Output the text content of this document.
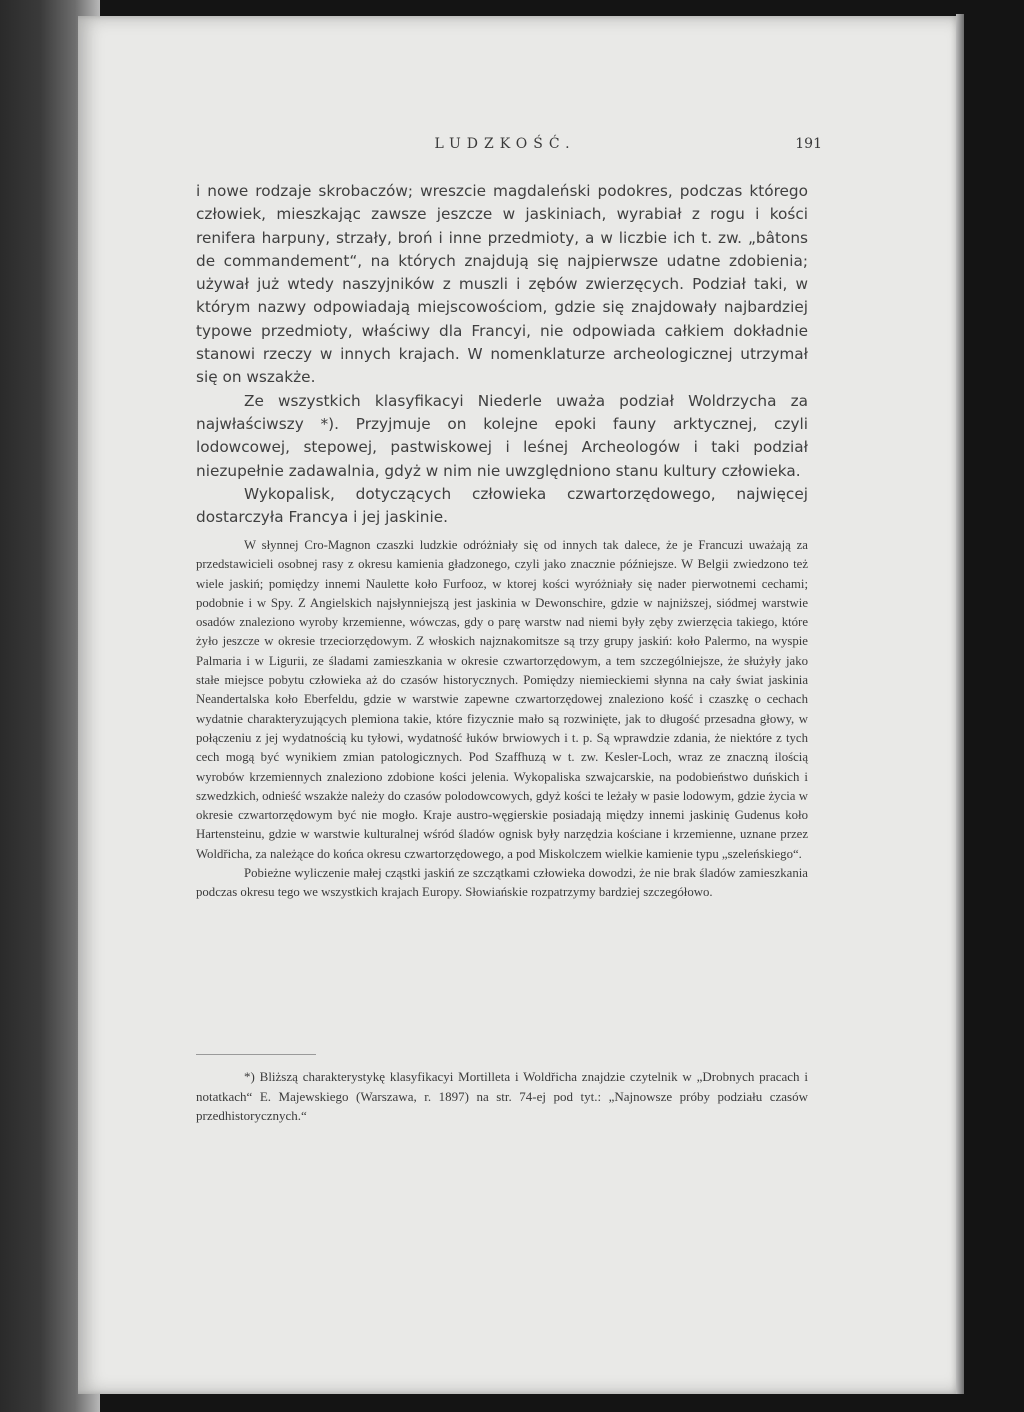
LUDZKOŚĆ.	191

i nowe rodzaje skrobaczów; wreszcie magdaleński podokres, podczas którego człowiek, mieszkając zawsze jeszcze w jaskiniach, wyrabiał z rogu i kości renifera harpuny, strzały, broń i inne przedmioty, a w liczbie ich t. zw. „bâtons de commandement“, na których znajdują się najpierwsze udatne zdobienia; używał już wtedy naszyjników z muszli i zębów zwierzęcych. Podział taki, w którym nazwy odpowiadają miejscowościom, gdzie się znajdowały najbardziej typowe przedmioty, właściwy dla Francyi, nie odpowiada całkiem dokładnie stanowi rzeczy w innych krajach. W nomenklaturze archeologicznej utrzymał się on wszakże.

Ze wszystkich klasyfikacyi Niederle uważa podział Woldrzycha za najwłaściwszy *). Przyjmuje on kolejne epoki fauny arktycznej, czyli lodowcowej, stepowej, pastwiskowej i leśnej Archeologów i taki podział niezupełnie zadawalnia, gdyż w nim nie uwzględniono stanu kultury człowieka.

Wykopalisk, dotyczących człowieka czwartorzędowego, najwięcej dostarczyła Francya i jej jaskinie.

W słynnej Cro-Magnon czaszki ludzkie odróżniały się od innych tak dalece, że je Francuzi uważają za przedstawicieli osobnej rasy z okresu kamienia gładzonego, czyli jako znacznie późniejsze. W Belgii zwiedzono też wiele jaskiń; pomiędzy innemi Naulette koło Furfooz, w ktorej kości wyróżniały się nader pierwotnemi cechami; podobnie i w Spy. Z Angielskich najsłynniejszą jest jaskinia w Dewonschire, gdzie w najniższej, siódmej warstwie osadów znaleziono wyroby krzemienne, wówczas, gdy o parę warstw nad niemi były zęby zwierzęcia takiego, które żyło jeszcze w okresie trzeciorzędowym. Z włoskich najznakomitsze są trzy grupy jaskiń: koło Palermo, na wyspie Palmaria i w Ligurii, ze śladami zamieszkania w okresie czwartorzędowym, a tem szczególniejsze, że służyły jako stałe miejsce pobytu człowieka aż do czasów historycznych. Pomiędzy niemieckiemi słynna na cały świat jaskinia Neandertalska koło Eberfeldu, gdzie w warstwie zapewne czwartorzędowej znaleziono kość i czaszkę o cechach wydatnie charakteryzujących plemiona takie, które fizycznie mało są rozwinięte, jak to długość przesadna głowy, w połączeniu z jej wydatnością ku tyłowi, wydatność łuków brwiowych i t. p. Są wprawdzie zdania, że niektóre z tych cech mogą być wynikiem zmian patologicznych. Pod Szaffhuzą w t. zw. Kesler-Loch, wraz ze znaczną ilością wyrobów krzemiennych znaleziono zdobione kości jelenia. Wykopaliska szwajcarskie, na podobieństwo duńskich i szwedzkich, odnieść wszakże należy do czasów polodowcowych, gdyż kości te leżały w pasie lodowym, gdzie życia w okresie czwartorzędowym być nie mogło. Kraje austro-węgierskie posiadają między innemi jaskinię Gudenus koło Hartensteinu, gdzie w warstwie kulturalnej wśród śladów ognisk były narzędzia kościane i krzemienne, uznane przez Woldřicha, za należące do końca okresu czwartorzędowego, a pod Miskolczem wielkie kamienie typu „szeleńskiego“.

Pobieżne wyliczenie małej cząstki jaskiń ze szczątkami człowieka dowodzi, że nie brak śladów zamieszkania podczas okresu tego we wszystkich krajach Europy. Słowiańskie rozpatrzymy bardziej szczegółowo.

*) Bliższą charakterystykę klasyfikacyi Mortilleta i Woldřicha znajdzie czytelnik w „Drobnych pracach i notatkach“ E. Majewskiego (Warszawa, r. 1897) na str. 74-ej pod tyt.: „Najnowsze próby podziału czasów przedhistorycznych.“
